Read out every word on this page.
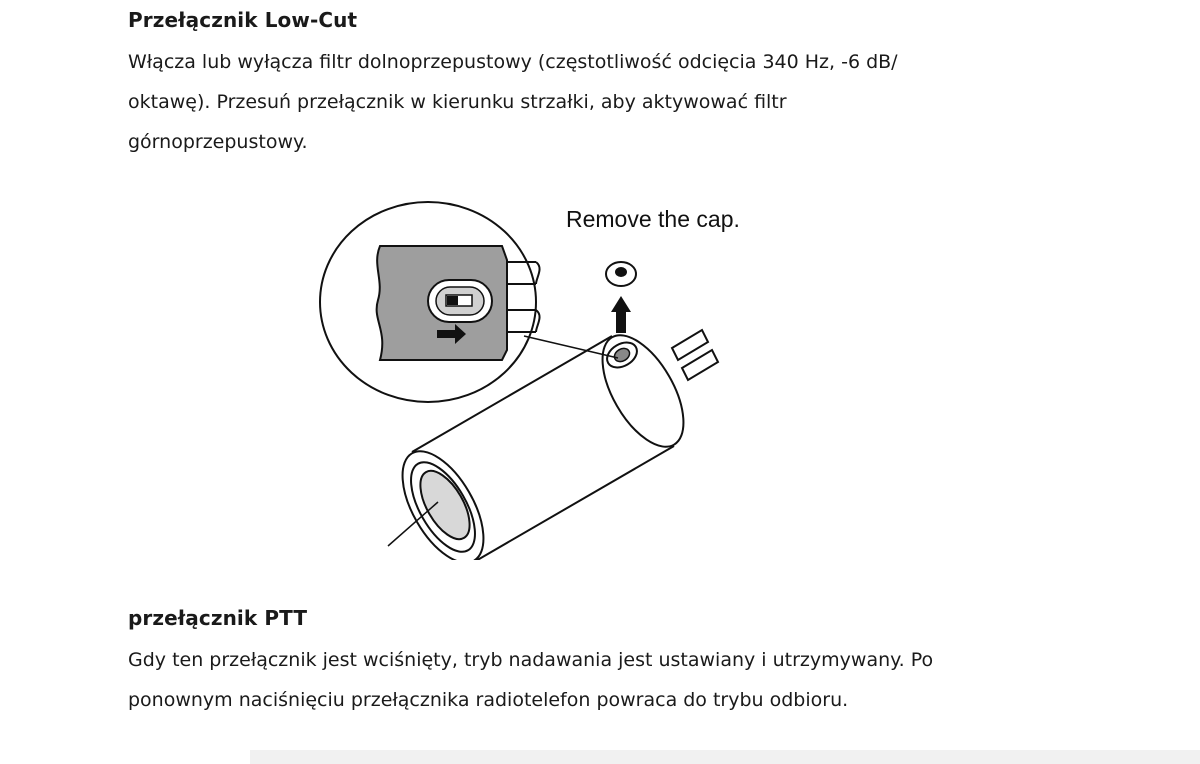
Przełącznik Low-Cut

Włącza lub wyłącza filtr dolnoprzepustowy (częstotliwość odcięcia 340 Hz, -6 dB/ oktawę). Przesuń przełącznik w kierunku strzałki, aby aktywować filtr górnoprzepustowy.

Remove the cap.
przełącznik PTT

Gdy ten przełącznik jest wciśnięty, tryb nadawania jest ustawiany i utrzymywany. Po ponownym naciśnięciu przełącznika radiotelefon powraca do trybu odbioru.
